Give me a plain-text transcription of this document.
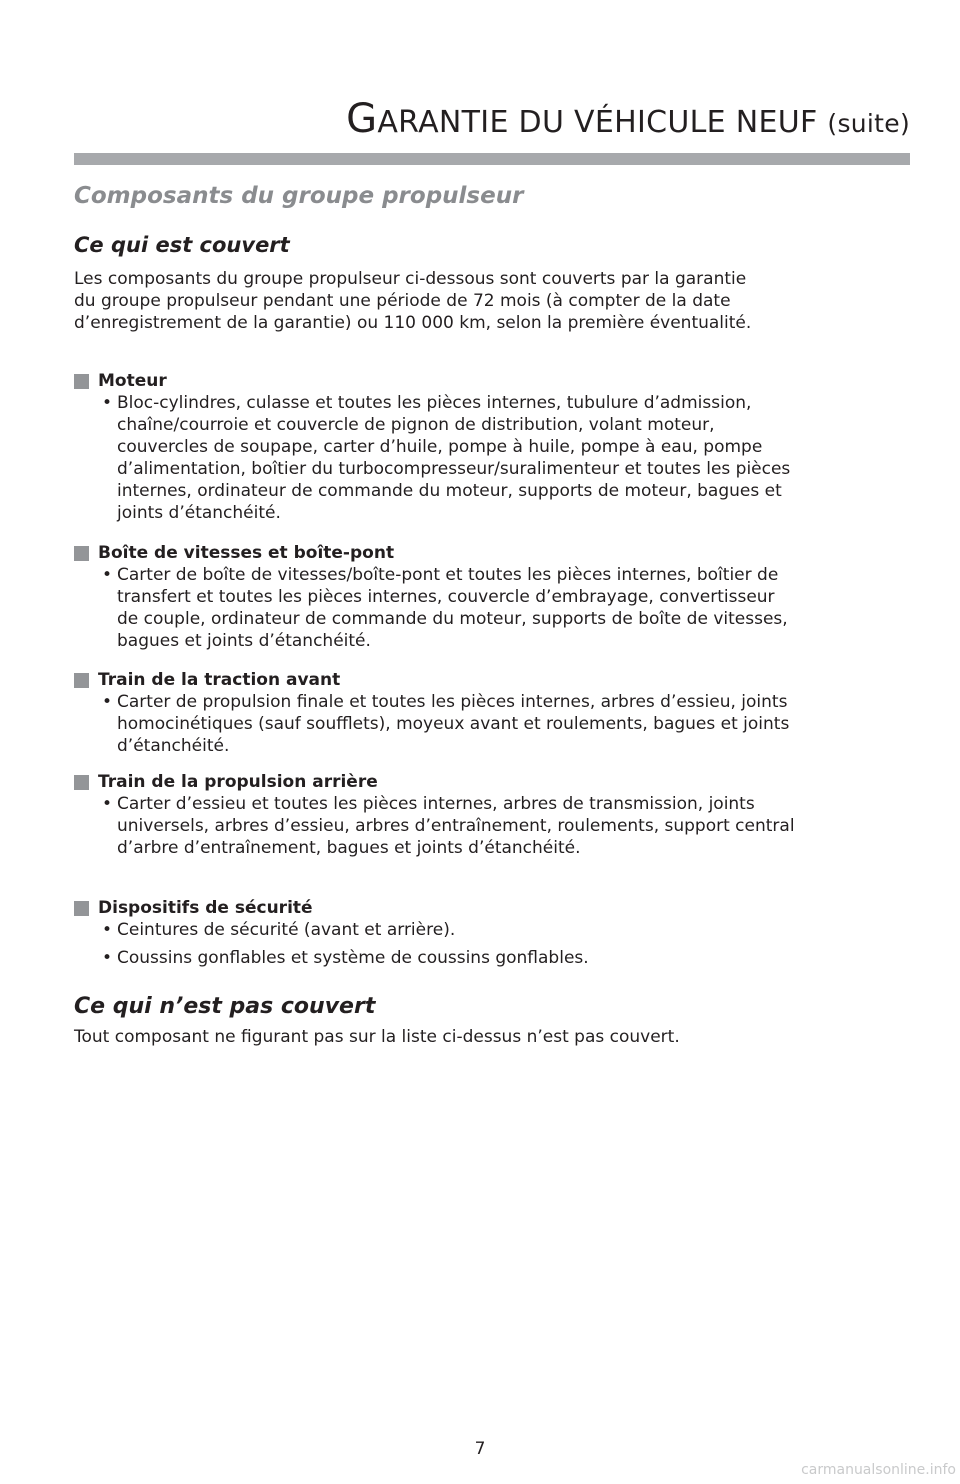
GARANTIE DU VÉHICULE NEUF (suite)
Composants du groupe propulseur
Ce qui est couvert
Les composants du groupe propulseur ci-dessous sont couverts par la garantie
du groupe propulseur pendant une période de 72 mois (à compter de la date
d’enregistrement de la garantie) ou 110 000 km, selon la première éventualité.
Moteur
• Bloc-cylindres, culasse et toutes les pièces internes, tubulure d’admission,
chaîne/courroie et couvercle de pignon de distribution, volant moteur,
couvercles de soupape, carter d’huile, pompe à huile, pompe à eau, pompe
d’alimentation, boîtier du turbocompresseur/suralimenteur et toutes les pièces
internes, ordinateur de commande du moteur, supports de moteur, bagues et
joints d’étanchéité.
Boîte de vitesses et boîte-pont
• Carter de boîte de vitesses/boîte-pont et toutes les pièces internes, boîtier de
transfert et toutes les pièces internes, couvercle d’embrayage, convertisseur
de couple, ordinateur de commande du moteur, supports de boîte de vitesses,
bagues et joints d’étanchéité.
Train de la traction avant
• Carter de propulsion finale et toutes les pièces internes, arbres d’essieu, joints
homocinétiques (sauf soufflets), moyeux avant et roulements, bagues et joints
d’étanchéité.
Train de la propulsion arrière
• Carter d’essieu et toutes les pièces internes, arbres de transmission, joints
universels, arbres d’essieu, arbres d’entraînement, roulements, support central
d’arbre d’entraînement, bagues et joints d’étanchéité.
Dispositifs de sécurité
• Ceintures de sécurité (avant et arrière).
• Coussins gonflables et système de coussins gonflables.
Ce qui n’est pas couvert
Tout composant ne figurant pas sur la liste ci-dessus n’est pas couvert.
7
carmanualsonline.info
